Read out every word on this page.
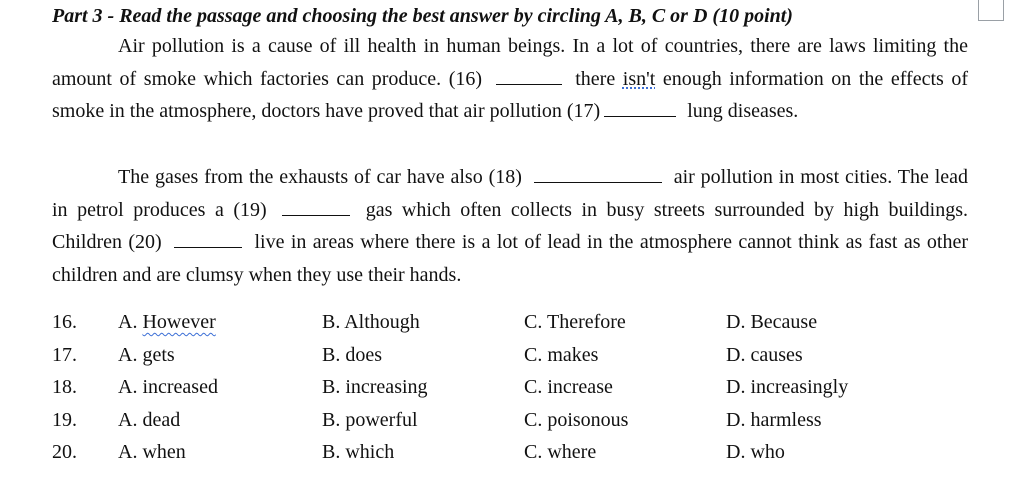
Part 3 - Read the passage and choosing the best answer by circling A, B, C or D (10 point)
Air pollution is a cause of ill health in human beings. In a lot of countries, there are laws limiting the amount of smoke which factories can produce. (16)	there isn't enough information on the effects of smoke in the atmosphere, doctors have proved that air pollution (17)	lung diseases.
The gases from the exhausts of car have also (18)	air pollution in most cities. The lead in petrol produces a (19)	gas which often collects in busy streets surrounded by high buildings. Children (20)	live in areas where there is a lot of lead in the atmosphere cannot think as fast as other children and are clumsy when they use their hands.
16. A. However	B. Although	C. Therefore	D. Because
17. A. gets	B. does	C. makes	D. causes
18. A. increased	B. increasing	C. increase	D. increasingly
19. A. dead	B. powerful	C. poisonous	D. harmless
20. A. when	B. which	C. where	D. who
